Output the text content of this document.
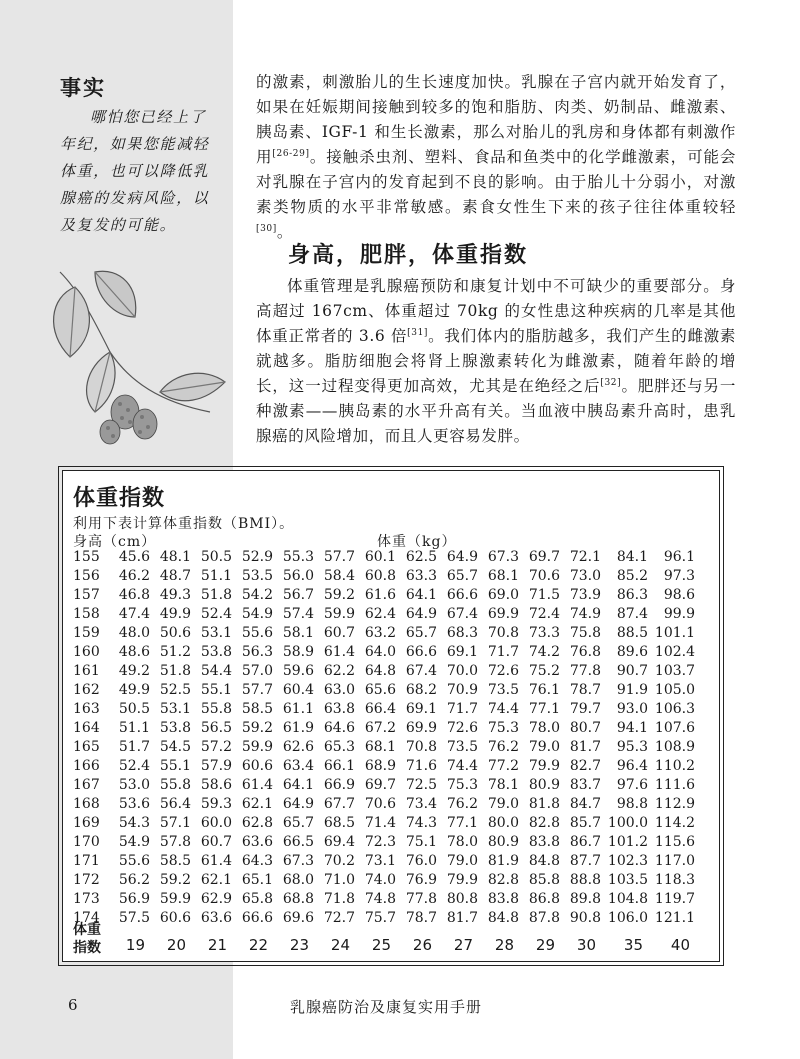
事实

哪怕您已经上了年纪，如果您能减轻体重，也可以降低乳腺癌的发病风险，以及复发的可能。

的激素，刺激胎儿的生长速度加快。乳腺在子宫内就开始发育了，如果在妊娠期间接触到较多的饱和脂肪、肉类、奶制品、雌激素、胰岛素、IGF-1 和生长激素，那么对胎儿的乳房和身体都有刺激作用[26-29]。接触杀虫剂、塑料、食品和鱼类中的化学雌激素，可能会对乳腺在子宫内的发育起到不良的影响。由于胎儿十分弱小，对激素类物质的水平非常敏感。素食女性生下来的孩子往往体重较轻[30]。

身高，肥胖，体重指数

体重管理是乳腺癌预防和康复计划中不可缺少的重要部分。身高超过 167cm、体重超过 70kg 的女性患这种疾病的几率是其他体重正常者的 3.6 倍[31]。我们体内的脂肪越多，我们产生的雌激素就越多。脂肪细胞会将肾上腺激素转化为雌激素，随着年龄的增长，这一过程变得更加高效，尤其是在绝经之后[32]。肥胖还与另一种激素——胰岛素的水平升高有关。当血液中胰岛素升高时，患乳腺癌的风险增加，而且人更容易发胖。

体重指数
利用下表计算体重指数（BMI）。
身高（cm）	体重（kg）
155	45.6	48.1	50.5	52.9	55.3	57.7	60.1	62.5	64.9	67.3	69.7	72.1	84.1	96.1
156	46.2	48.7	51.1	53.5	56.0	58.4	60.8	63.3	65.7	68.1	70.6	73.0	85.2	97.3
157	46.8	49.3	51.8	54.2	56.7	59.2	61.6	64.1	66.6	69.0	71.5	73.9	86.3	98.6
158	47.4	49.9	52.4	54.9	57.4	59.9	62.4	64.9	67.4	69.9	72.4	74.9	87.4	99.9
159	48.0	50.6	53.1	55.6	58.1	60.7	63.2	65.7	68.3	70.8	73.3	75.8	88.5	101.1
160	48.6	51.2	53.8	56.3	58.9	61.4	64.0	66.6	69.1	71.7	74.2	76.8	89.6	102.4
161	49.2	51.8	54.4	57.0	59.6	62.2	64.8	67.4	70.0	72.6	75.2	77.8	90.7	103.7
162	49.9	52.5	55.1	57.7	60.4	63.0	65.6	68.2	70.9	73.5	76.1	78.7	91.9	105.0
163	50.5	53.1	55.8	58.5	61.1	63.8	66.4	69.1	71.7	74.4	77.1	79.7	93.0	106.3
164	51.1	53.8	56.5	59.2	61.9	64.6	67.2	69.9	72.6	75.3	78.0	80.7	94.1	107.6
165	51.7	54.5	57.2	59.9	62.6	65.3	68.1	70.8	73.5	76.2	79.0	81.7	95.3	108.9
166	52.4	55.1	57.9	60.6	63.4	66.1	68.9	71.6	74.4	77.2	79.9	82.7	96.4	110.2
167	53.0	55.8	58.6	61.4	64.1	66.9	69.7	72.5	75.3	78.1	80.9	83.7	97.6	111.6
168	53.6	56.4	59.3	62.1	64.9	67.7	70.6	73.4	76.2	79.0	81.8	84.7	98.8	112.9
169	54.3	57.1	60.0	62.8	65.7	68.5	71.4	74.3	77.1	80.0	82.8	85.7	100.0	114.2
170	54.9	57.8	60.7	63.6	66.5	69.4	72.3	75.1	78.0	80.9	83.8	86.7	101.2	115.6
171	55.6	58.5	61.4	64.3	67.3	70.2	73.1	76.0	79.0	81.9	84.8	87.7	102.3	117.0
172	56.2	59.2	62.1	65.1	68.0	71.0	74.0	76.9	79.9	82.8	85.8	88.8	103.5	118.3
173	56.9	59.9	62.9	65.8	68.8	71.8	74.8	77.8	80.8	83.8	86.8	89.8	104.8	119.7
174	57.5	60.6	63.6	66.6	69.6	72.7	75.7	78.7	81.7	84.8	87.8	90.8	106.0	121.1
体重
指数 19	20	21	22	23	24	25	26	27	28	29	30	35	40
6	乳腺癌防治及康复实用手册
